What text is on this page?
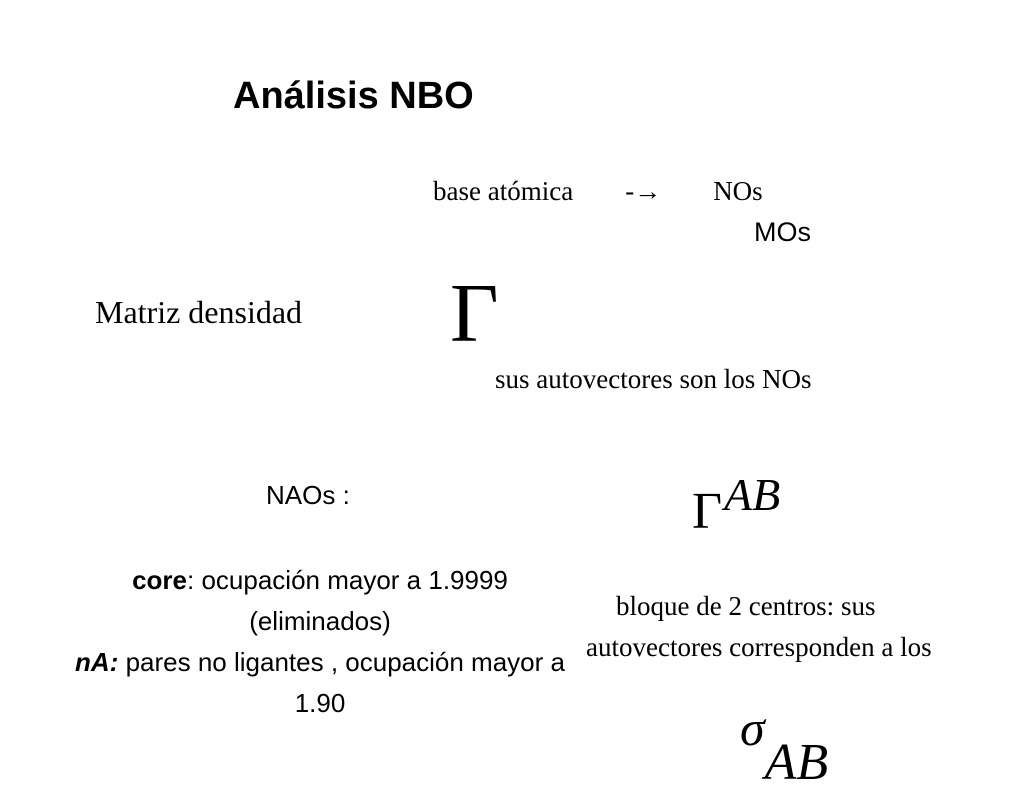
Análisis NBO
base atómica -→ NOs
MOs
Matriz densidad Γ
sus autovectores son los NOs
NAOs :	ΓAB
core: ocupación mayor a 1.9999
(eliminados)
nA: pares no ligantes , ocupación mayor a 1.90
bloque de 2 centros: sus autovectores corresponden a los
σAB
